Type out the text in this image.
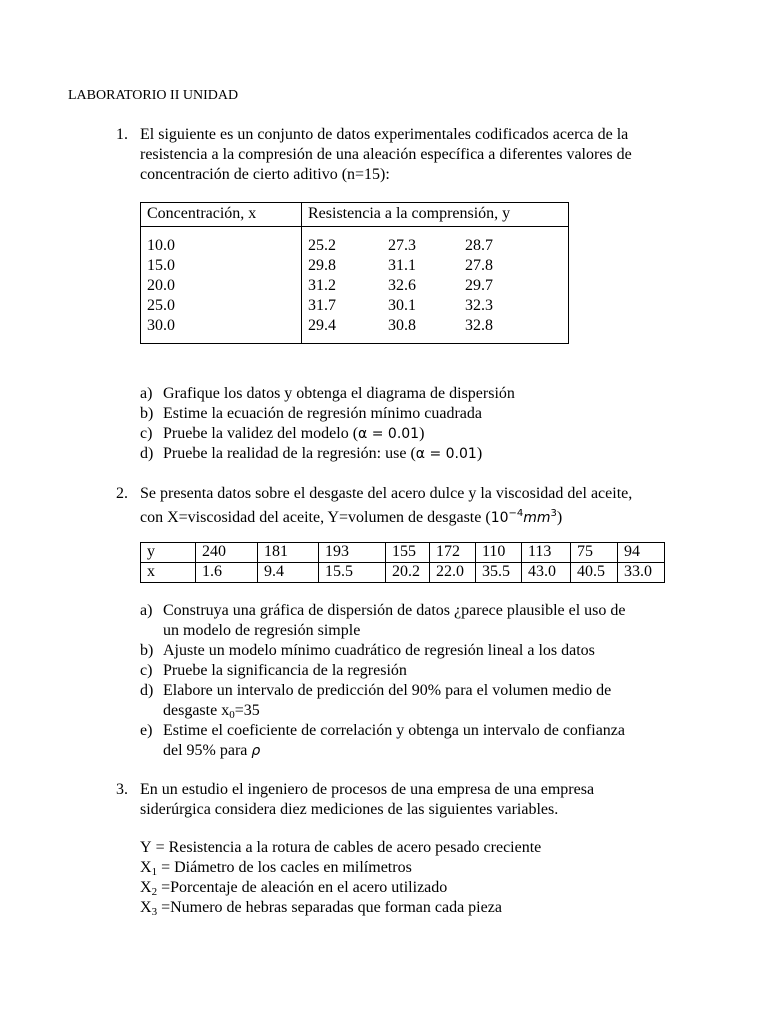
LABORATORIO II UNIDAD
1. El siguiente es un conjunto de datos experimentales codificados acerca de la
resistencia a la compresión de una aleación específica a diferentes valores de
concentración de cierto aditivo (n=15):
Concentración, x	Resistencia a la comprensión, y
10.0	25.2	27.3	28.7
15.0	29.8	31.1	27.8
20.0	31.2	32.6	29.7
25.0	31.7	30.1	32.3
30.0	29.4	30.8	32.8
a) Grafique los datos y obtenga el diagrama de dispersión
b) Estime la ecuación de regresión mínimo cuadrada
c) Pruebe la validez del modelo (α = 0.01)
d) Pruebe la realidad de la regresión: use (α = 0.01)
2. Se presenta datos sobre el desgaste del acero dulce y la viscosidad del aceite,
con X=viscosidad del aceite, Y=volumen de desgaste $(10^{-4}mm^3)$
y	240	181	193	155	172	110	113	75	94
x	1.6	9.4	15.5	20.2	22.0	35.5	43.0	40.5	33.0
a) Construya una gráfica de dispersión de datos ¿parece plausible el uso de
un modelo de regresión simple
b) Ajuste un modelo mínimo cuadrático de regresión lineal a los datos
c) Pruebe la significancia de la regresión
d) Elabore un intervalo de predicción del 90% para el volumen medio de
desgaste $x_0=35$
e) Estime el coeficiente de correlación y obtenga un intervalo de confianza
del 95% para ρ
3. En un estudio el ingeniero de procesos de una empresa de una empresa
siderúrgica considera diez mediciones de las siguientes variables.
Y = Resistencia a la rotura de cables de acero pesado creciente
$X_1$ = Diámetro de los cacles en milímetros
$X_2$ =Porcentaje de aleación en el acero utilizado
$X_3$ =Numero de hebras separadas que forman cada pieza
